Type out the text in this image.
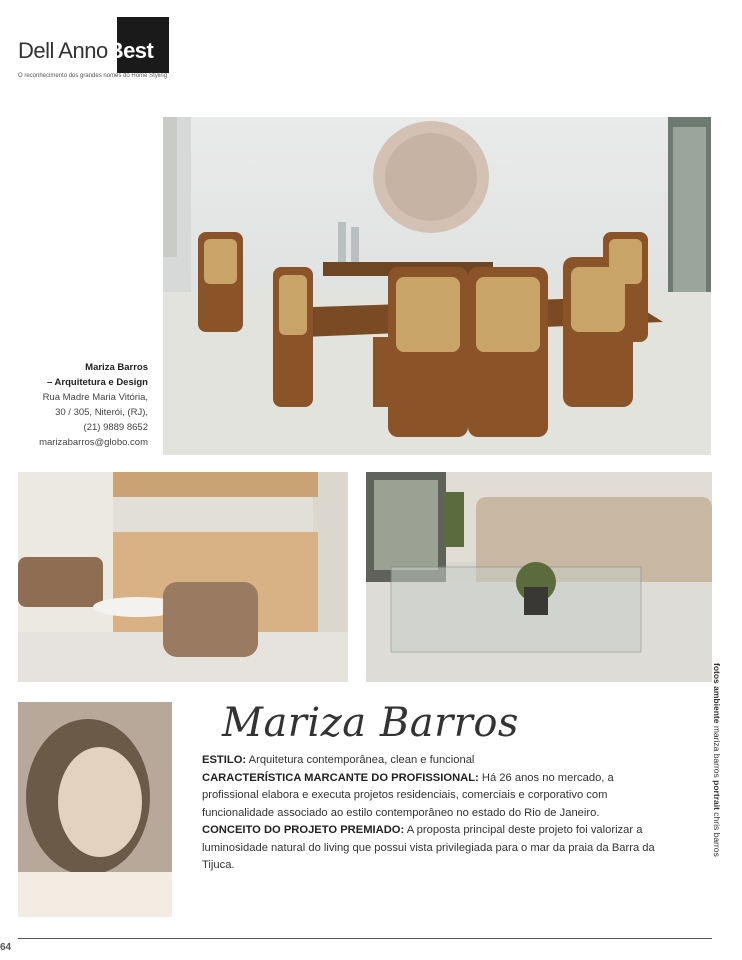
Dell AnnoBest
O reconhecimento dos grandes nomes do Home Styling
Mariza Barros
– Arquitetura e Design
Rua Madre Maria Vitória,
30 / 305, Niterói, (RJ),
(21) 9889 8652
marizabarros@globo.com
Mariza Barros
ESTILO: Arquitetura contemporânea, clean e funcional
CARACTERÍSTICA MARCANTE DO PROFISSIONAL: Há 26 anos no mercado, a profissional elabora e executa projetos residenciais, comerciais e corporativo com funcionalidade associado ao estilo contemporâneo no estado do Rio de Janeiro.
CONCEITO DO PROJETO PREMIADO: A proposta principal deste projeto foi valorizar a luminosidade natural do living que possui vista privilegiada para o mar da praia da Barra da Tijuca.
fotos ambiente mariza barros portrait chris barros
64
